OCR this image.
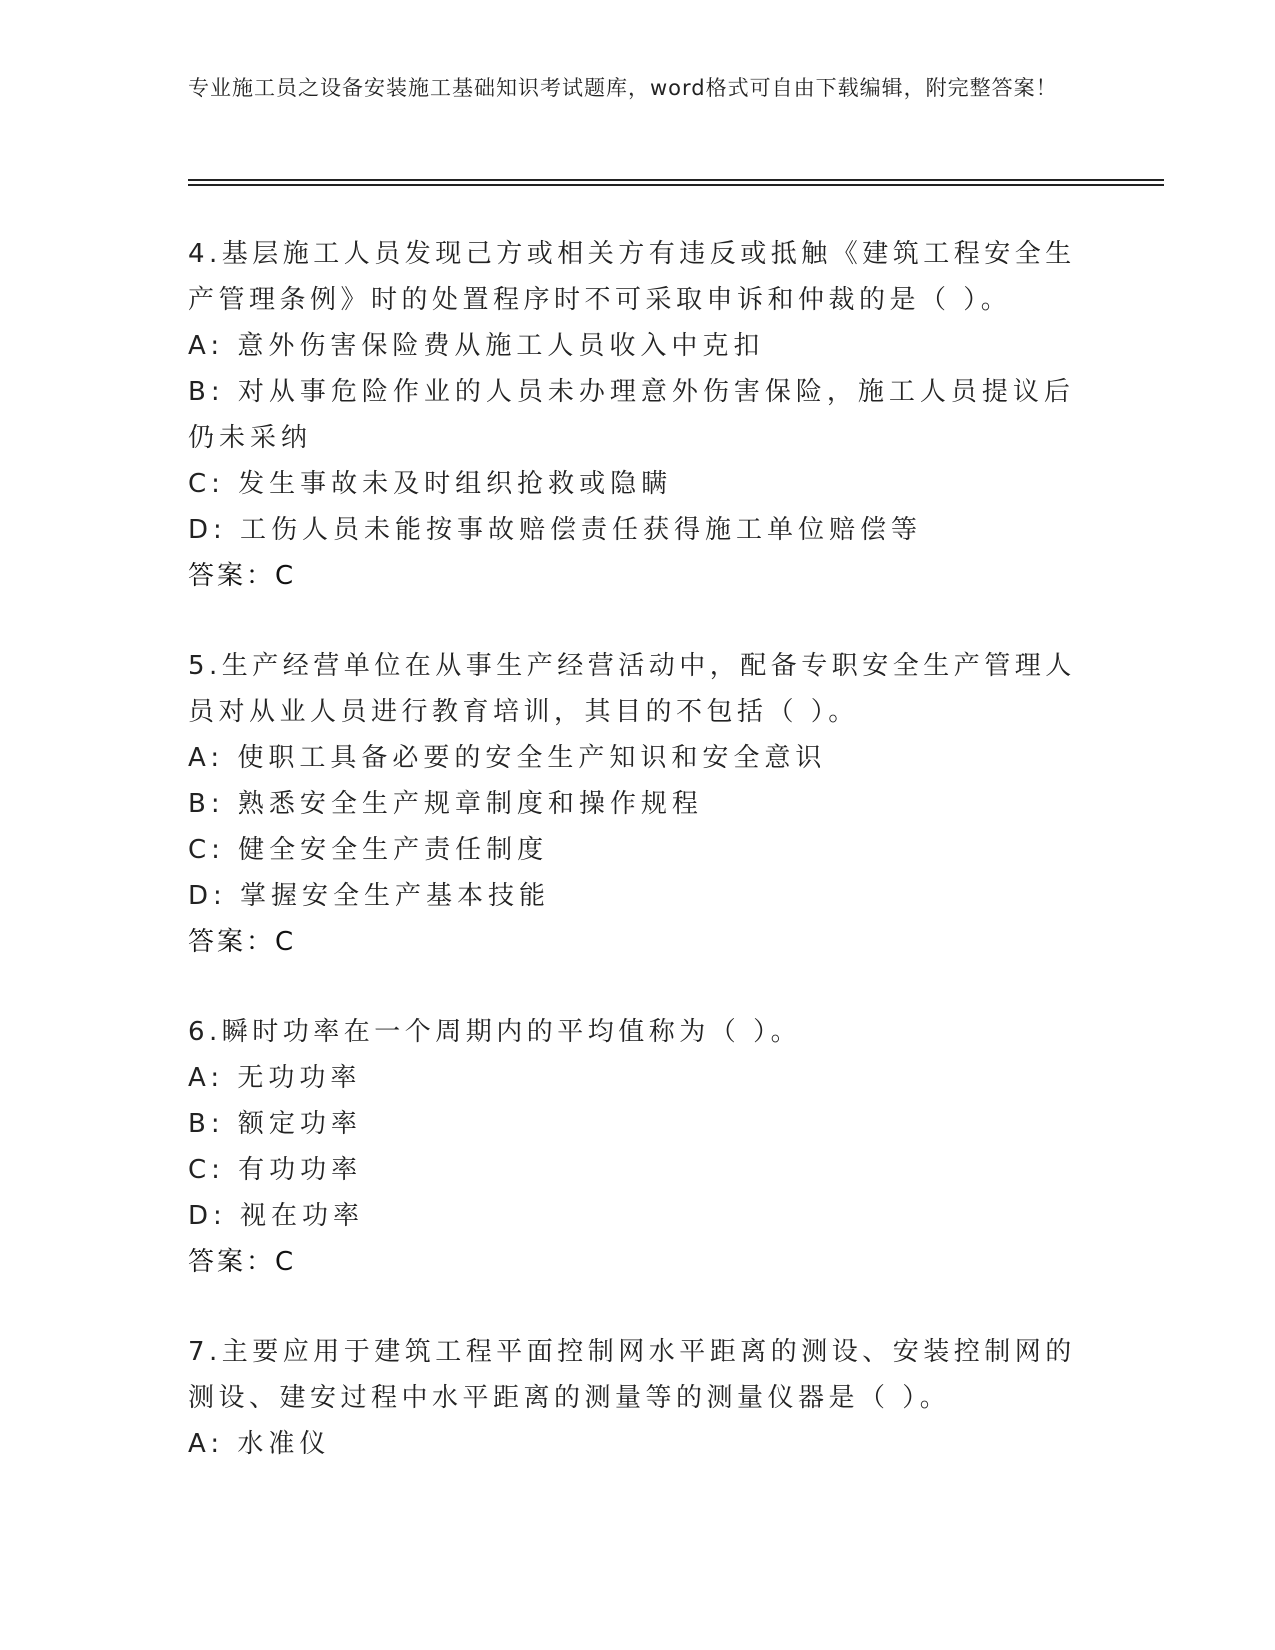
专业施工员之设备安装施工基础知识考试题库，word格式可自由下载编辑，附完整答案！
4.基层施工人员发现己方或相关方有违反或抵触《建筑工程安全生产管理条例》时的处置程序时不可采取申诉和仲裁的是（ ）。
A: 意外伤害保险费从施工人员收入中克扣
B: 对从事危险作业的人员未办理意外伤害保险，施工人员提议后仍未采纳
C: 发生事故未及时组织抢救或隐瞒
D: 工伤人员未能按事故赔偿责任获得施工单位赔偿等
答案：C
5.生产经营单位在从事生产经营活动中，配备专职安全生产管理人员对从业人员进行教育培训，其目的不包括（ ）。
A: 使职工具备必要的安全生产知识和安全意识
B: 熟悉安全生产规章制度和操作规程
C: 健全安全生产责任制度
D: 掌握安全生产基本技能
答案：C
6.瞬时功率在一个周期内的平均值称为（ ）。
A: 无功功率
B: 额定功率
C: 有功功率
D: 视在功率
答案：C
7.主要应用于建筑工程平面控制网水平距离的测设、安装控制网的测设、建安过程中水平距离的测量等的测量仪器是（ ）。
A: 水准仪
